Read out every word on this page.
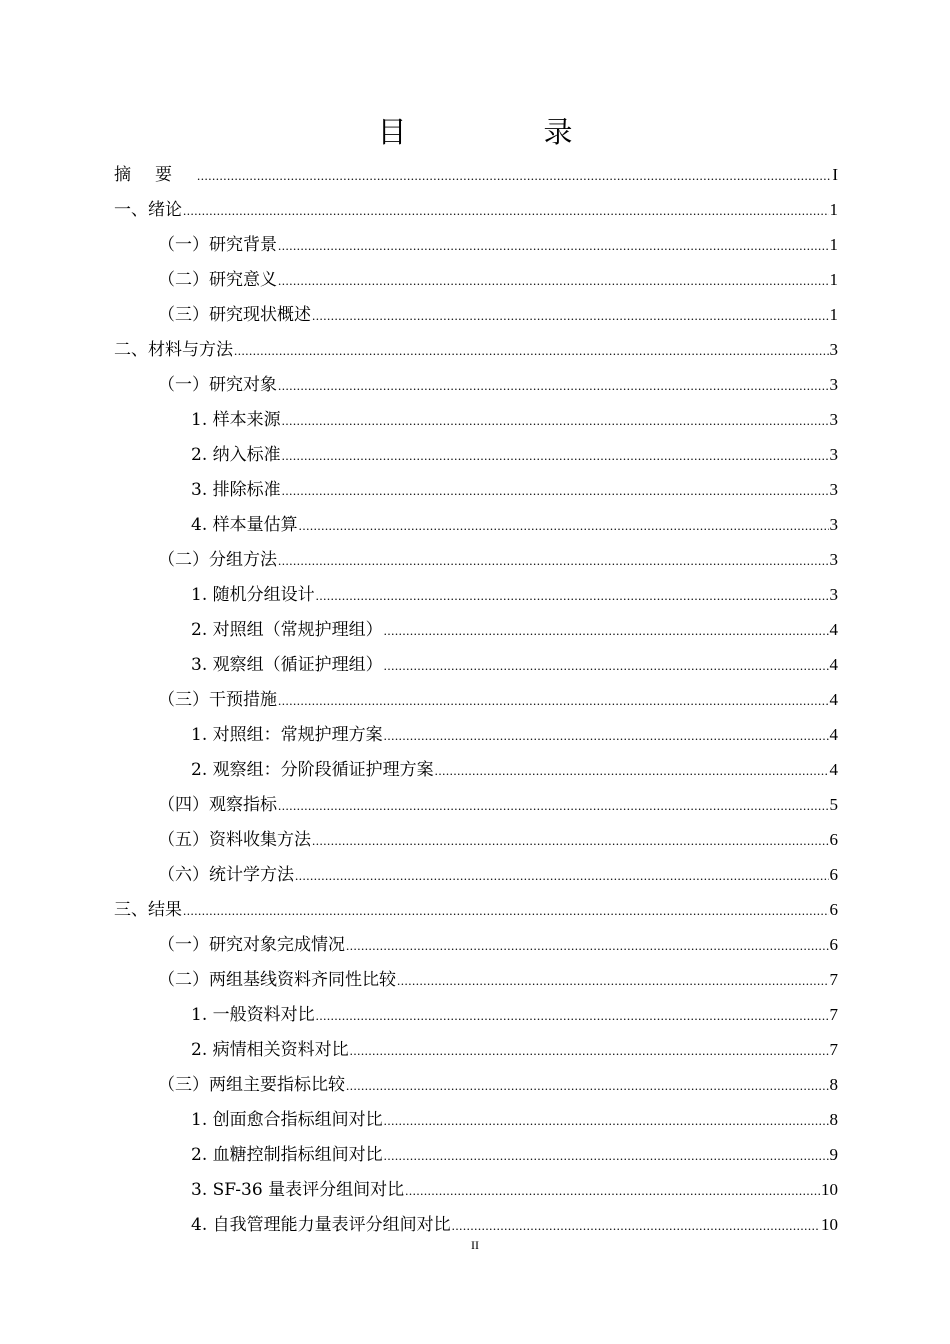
目　录
摘要 .....	I
一、绪论 .....	1
（一）研究背景 .....	1
（二）研究意义 .....	1
（三）研究现状概述 .....	1
二、材料与方法 .....	3
（一）研究对象 .....	3
1. 样本来源 .....	3
2. 纳入标准 .....	3
3. 排除标准 .....	3
4. 样本量估算 .....	3
（二）分组方法 .....	3
1. 随机分组设计 .....	3
2. 对照组（常规护理组） .....	4
3. 观察组（循证护理组） .....	4
（三）干预措施 .....	4
1. 对照组：常规护理方案 .....	4
2. 观察组：分阶段循证护理方案 .....	4
（四）观察指标 .....	5
（五）资料收集方法 .....	6
（六）统计学方法 .....	6
三、结果 .....	6
（一）研究对象完成情况 .....	6
（二）两组基线资料齐同性比较 .....	7
1. 一般资料对比 .....	7
2. 病情相关资料对比 .....	7
（三）两组主要指标比较 .....	8
1. 创面愈合指标组间对比 .....	8
2. 血糖控制指标组间对比 .....	9
3. SF-36 量表评分组间对比 .....	10
4. 自我管理能力量表评分组间对比 .....	10
II
